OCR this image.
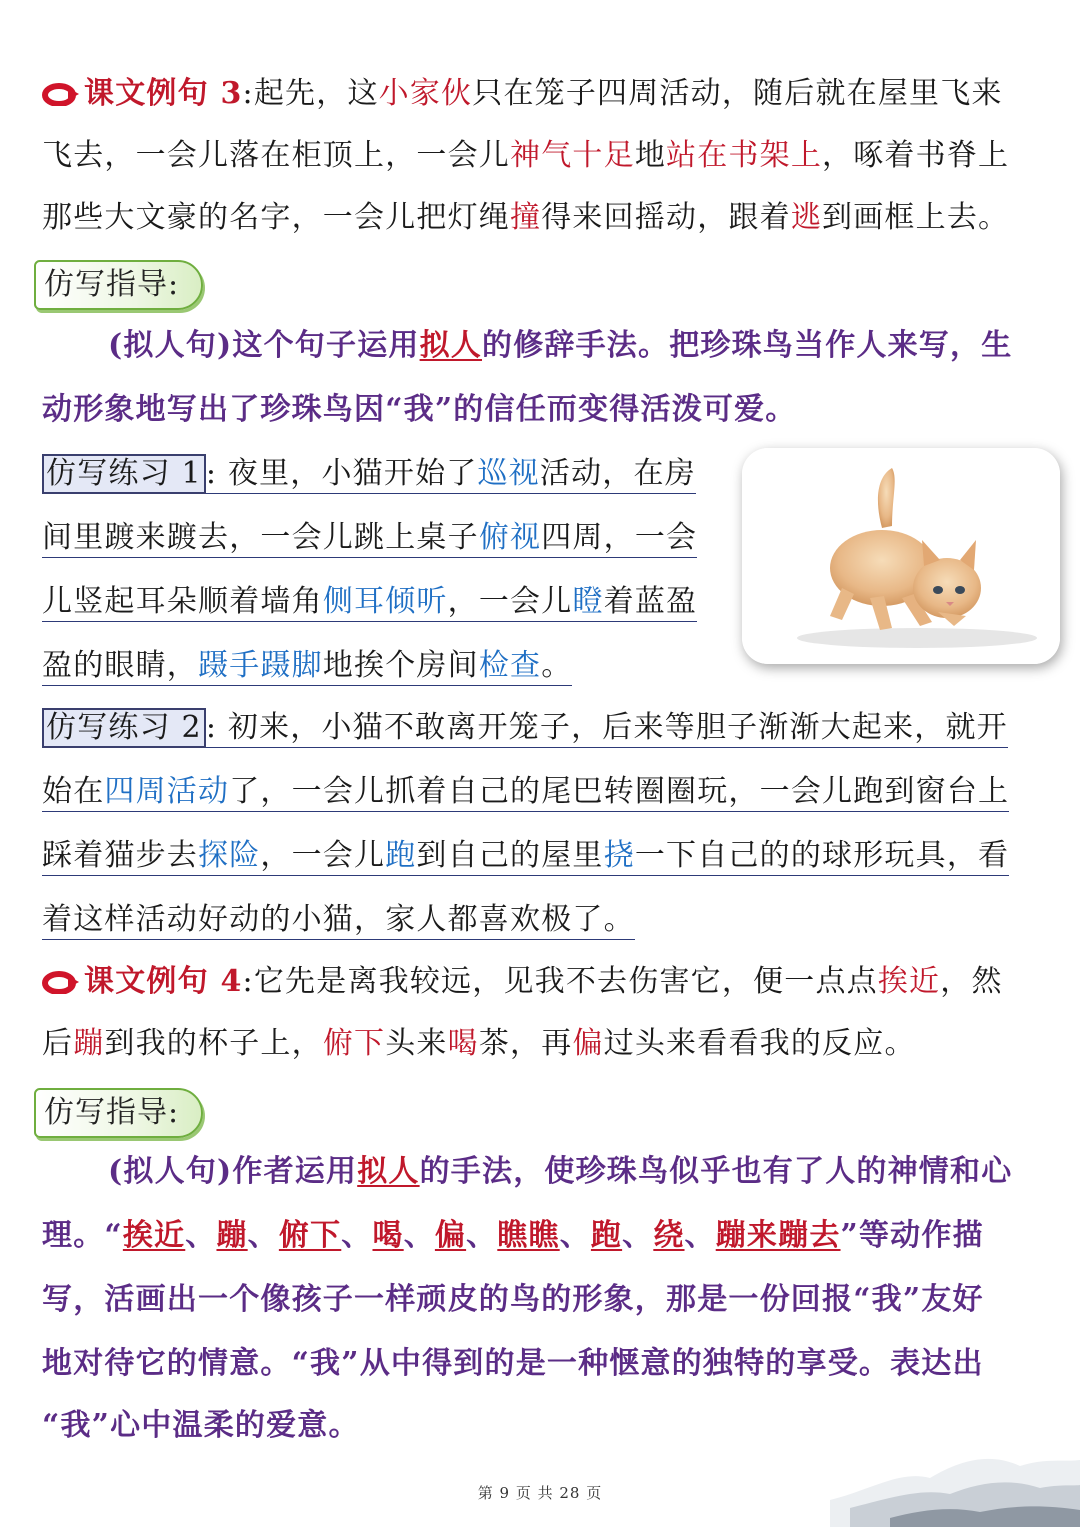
课文例句 3:起先，这小家伙只在笼子四周活动，随后就在屋里飞来
飞去，一会儿落在柜顶上，一会儿神气十足地站在书架上，啄着书脊上
那些大文豪的名字，一会儿把灯绳撞得来回摇动，跟着逃到画框上去。
仿写指导:
(拟人句)这个句子运用拟人的修辞手法。把珍珠鸟当作人来写，生
动形象地写出了珍珠鸟因“我”的信任而变得活泼可爱。
仿写练习 1 : 夜里，小猫开始了巡视活动，在房
间里踱来踱去，一会儿跳上桌子俯视四周，一会
儿竖起耳朵顺着墙角侧耳倾听，一会儿瞪着蓝盈
盈的眼睛，蹑手蹑脚地挨个房间检查。
仿写练习 2 : 初来，小猫不敢离开笼子，后来等胆子渐渐大起来，就开
始在四周活动了，一会儿抓着自己的尾巴转圈圈玩，一会儿跑到窗台上
踩着猫步去探险，一会儿跑到自己的屋里挠一下自己的的球形玩具，看
着这样活动好动的小猫，家人都喜欢极了。
课文例句 4:它先是离我较远，见我不去伤害它，便一点点挨近，然
后蹦到我的杯子上，俯下头来喝茶，再偏过头来看看我的反应。
仿写指导:
(拟人句)作者运用拟人的手法，使珍珠鸟似乎也有了人的神情和心
理。“挨近、蹦、俯下、喝、偏、瞧瞧、跑、绕、蹦来蹦去”等动作描
写，活画出一个像孩子一样顽皮的鸟的形象，那是一份回报“我”友好
地对待它的情意。“我”从中得到的是一种惬意的独特的享受。表达出
“我”心中温柔的爱意。
第 9 页 共 28 页
